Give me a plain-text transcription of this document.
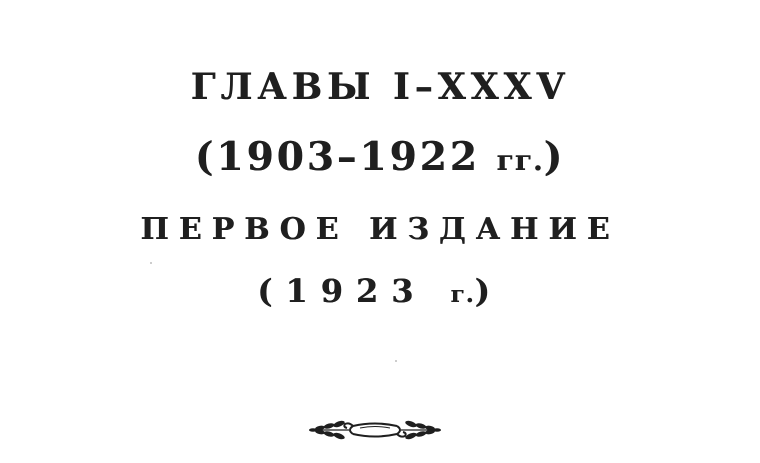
ГЛАВЫ I–XXXV
(1903–1922 гг.)
ПЕРВОЕ ИЗДАНИЕ
(1923 г.)
